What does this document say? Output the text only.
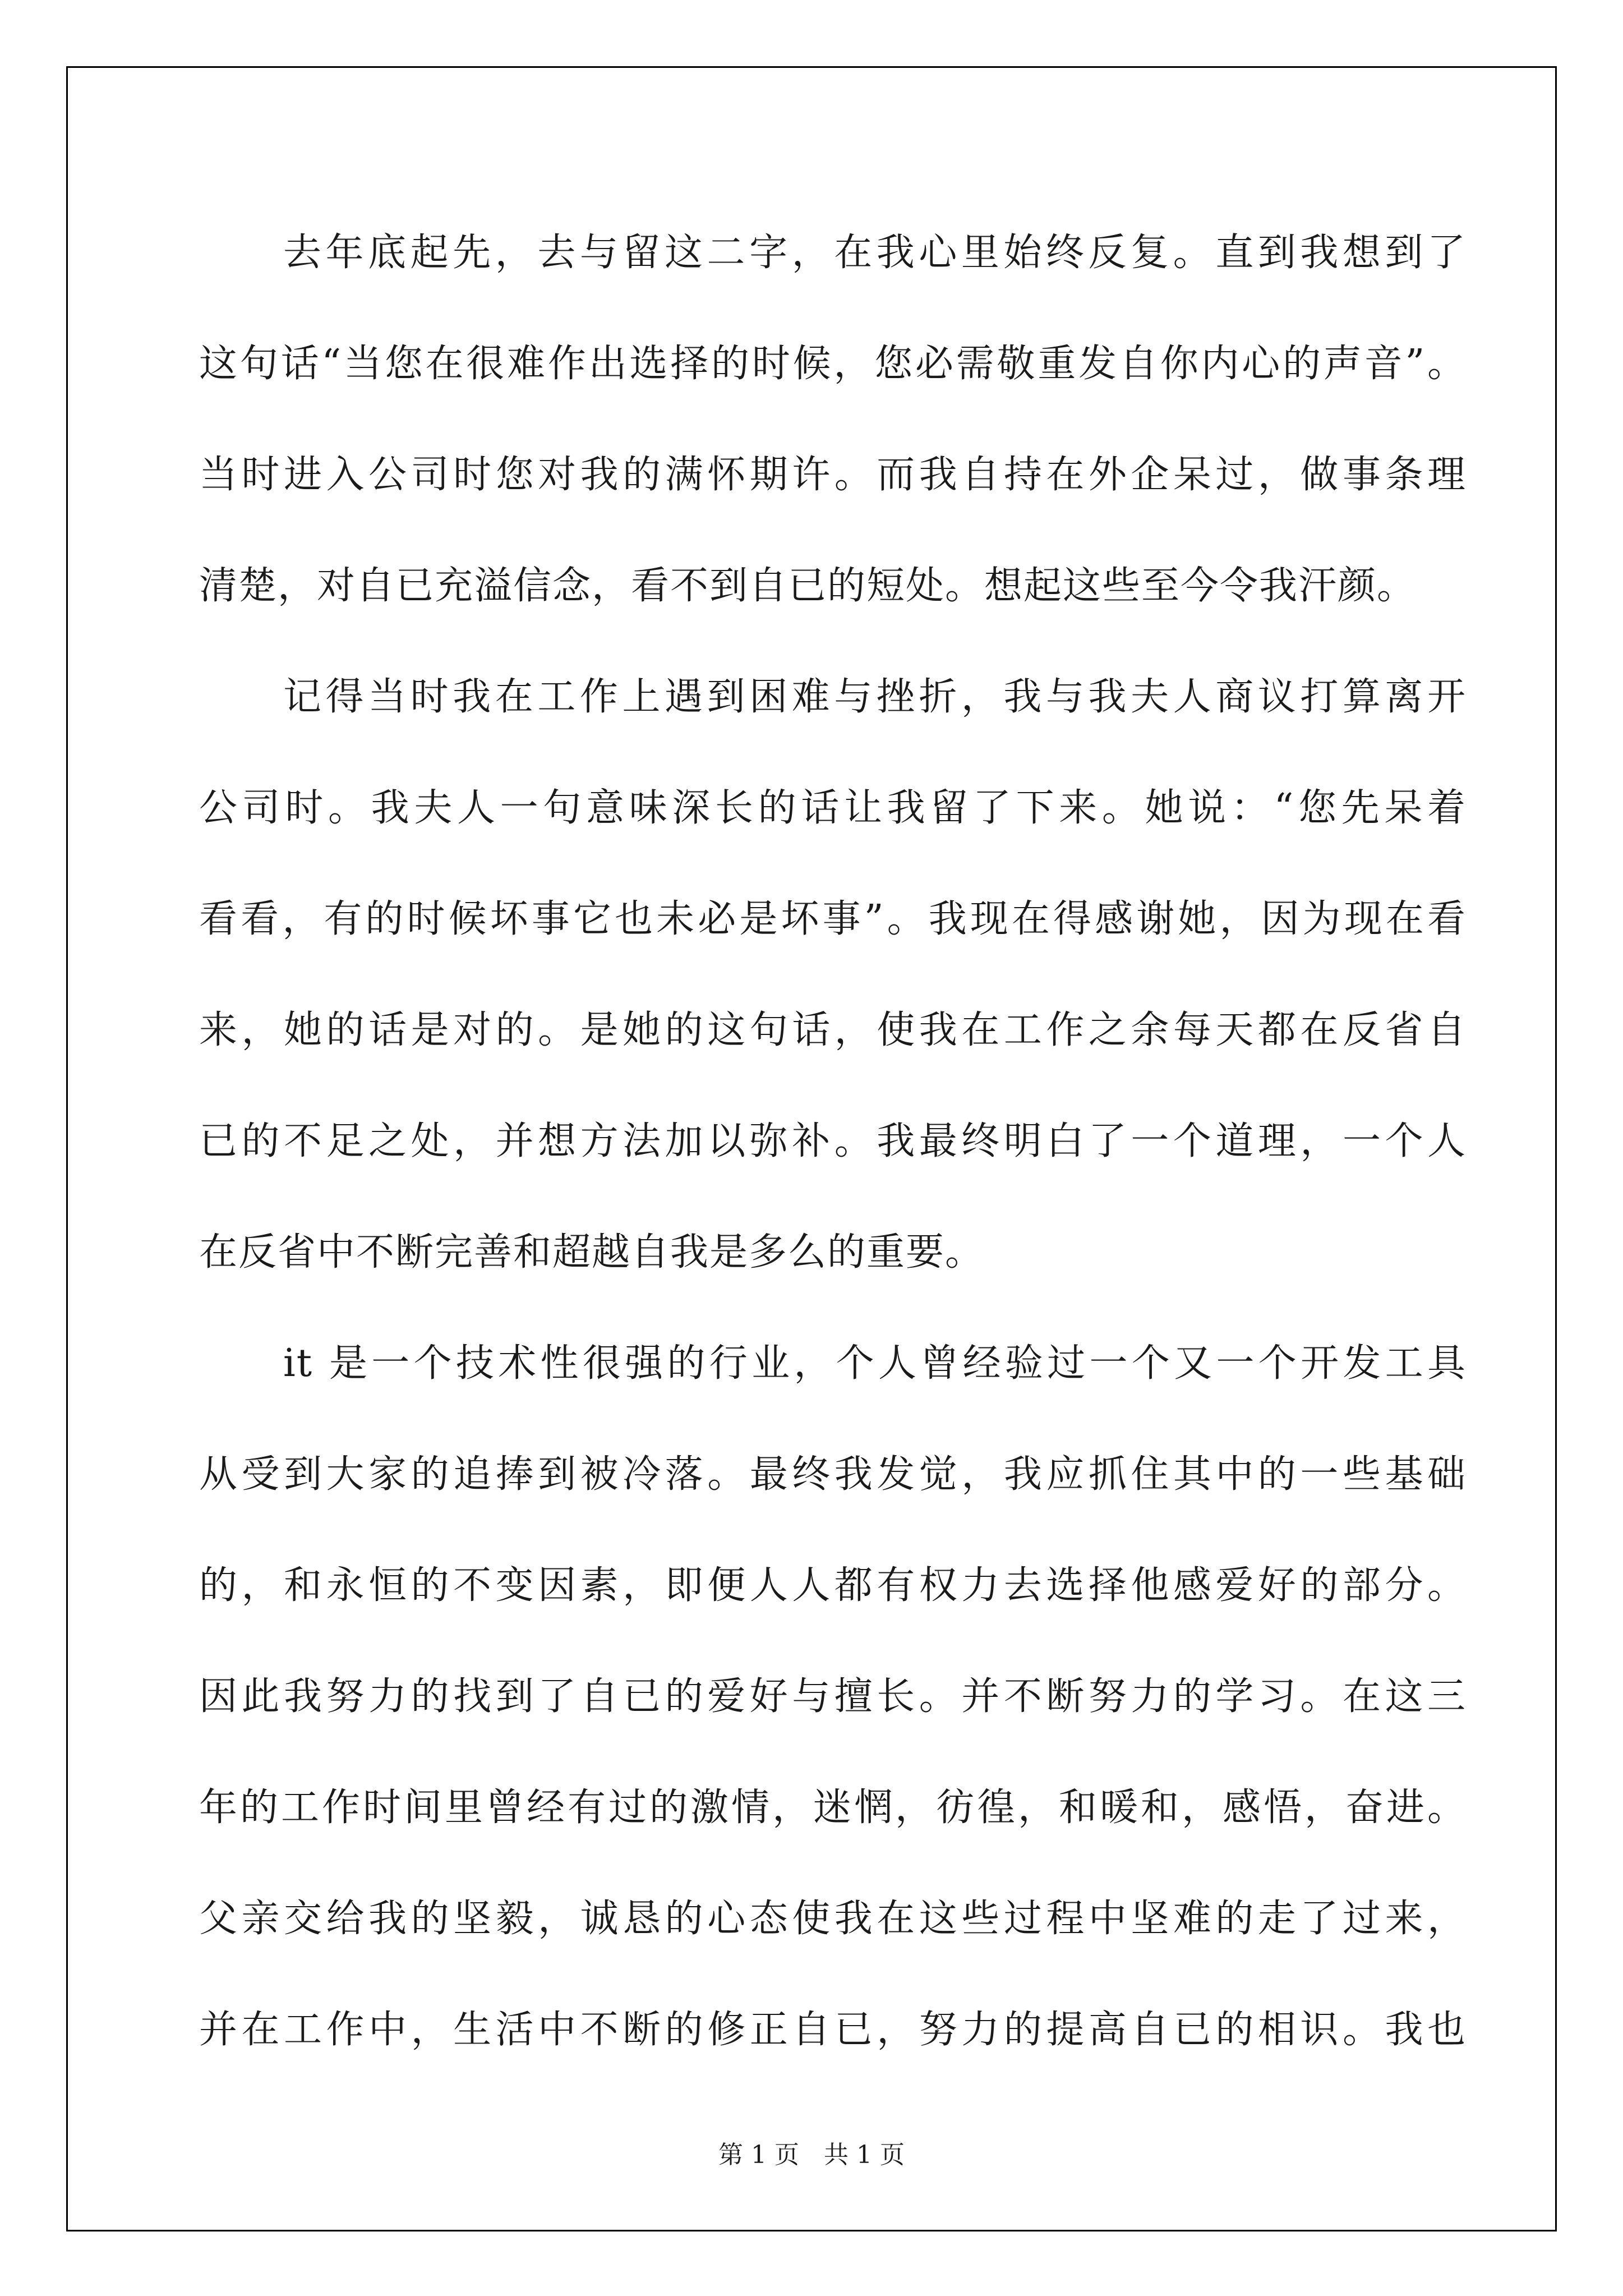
去年底起先，去与留这二字，在我心里始终反复。直到我想到了
这句话“当您在很难作出选择的时候，您必需敬重发自你内心的声音”。
当时进入公司时您对我的满怀期许。而我自持在外企呆过，做事条理
清楚，对自已充溢信念，看不到自已的短处。想起这些至今令我汗颜。
记得当时我在工作上遇到困难与挫折，我与我夫人商议打算离开
公司时。我夫人一句意味深长的话让我留了下来。她说：“您先呆着
看看，有的时候坏事它也未必是坏事”。我现在得感谢她，因为现在看
来，她的话是对的。是她的这句话，使我在工作之余每天都在反省自
已的不足之处，并想方法加以弥补。我最终明白了一个道理，一个人
在反省中不断完善和超越自我是多么的重要。
it 是一个技术性很强的行业，个人曾经验过一个又一个开发工具
从受到大家的追捧到被冷落。最终我发觉，我应抓住其中的一些基础
的，和永恒的不变因素，即便人人都有权力去选择他感爱好的部分。
因此我努力的找到了自已的爱好与擅长。并不断努力的学习。在这三
年的工作时间里曾经有过的激情，迷惘，彷徨，和暖和，感悟，奋进。
父亲交给我的坚毅，诚恳的心态使我在这些过程中坚难的走了过来，
并在工作中，生活中不断的修正自已，努力的提高自已的相识。我也
第 1 页　共 1 页
